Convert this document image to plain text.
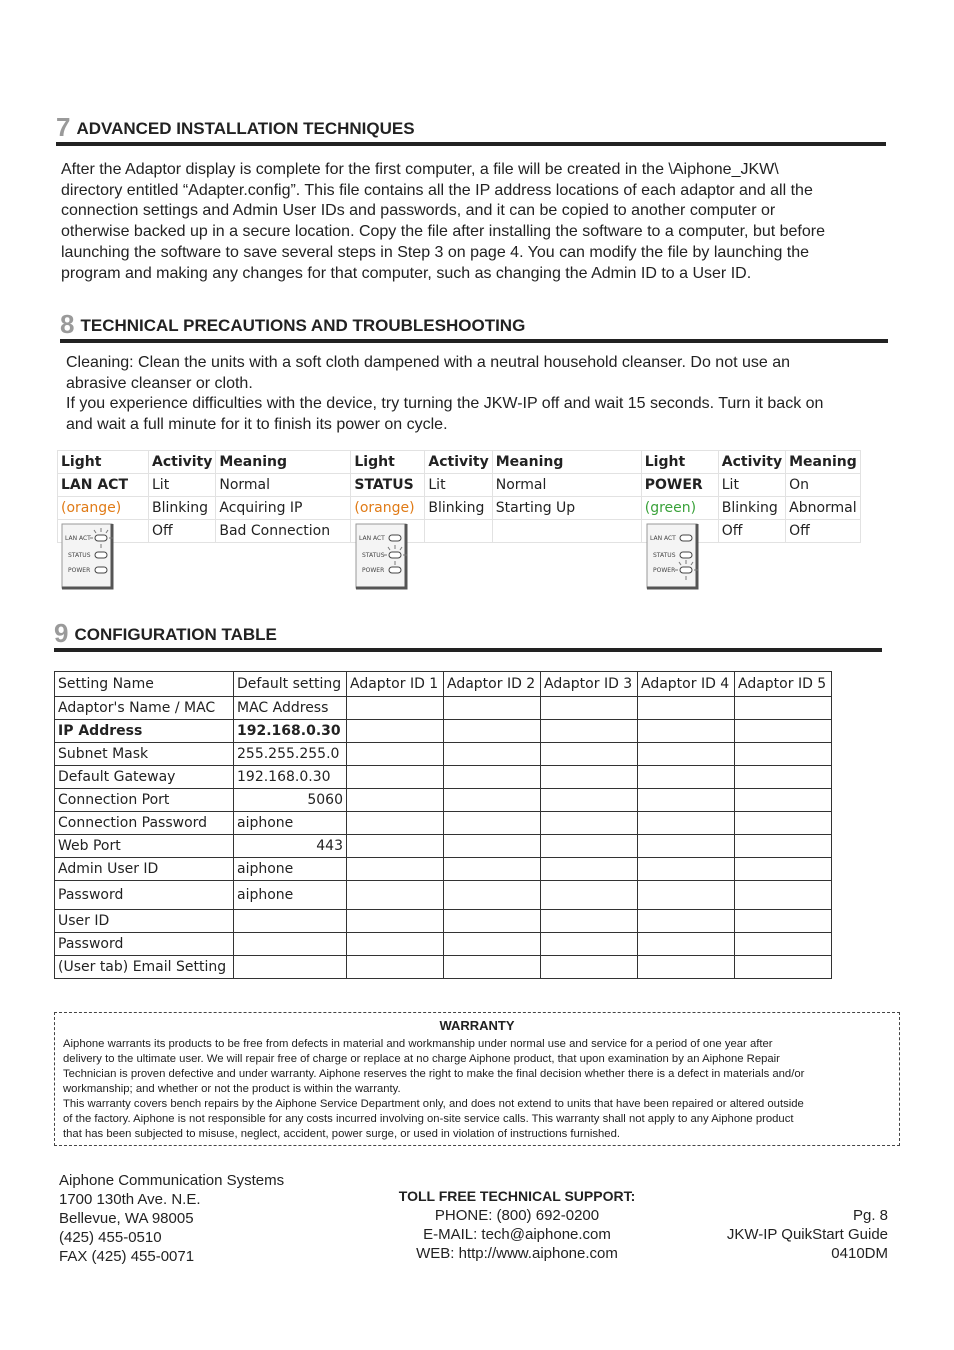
7 ADVANCED INSTALLATION TECHNIQUES
After the Adaptor display is complete for the first computer, a file will be created in the \Aiphone_JKW\
directory entitled “Adapter.config”. This file contains all the IP address locations of each adaptor and all the
connection settings and Admin User IDs and passwords, and it can be copied to another computer or
otherwise backed up in a secure location. Copy the file after installing the software to a computer, but before
launching the software to save several steps in Step 3 on page 4. You can modify the file by launching the
program and making any changes for that computer, such as changing the Admin ID to a User ID.
8 TECHNICAL PRECAUTIONS AND TROUBLESHOOTING
Cleaning: Clean the units with a soft cloth dampened with a neutral household cleanser. Do not use an
abrasive cleanser or cloth.
If you experience difficulties with the device, try turning the JKW-IP off and wait 15 seconds. Turn it back on
and wait a full minute for it to finish its power on cycle.
Light	Activity	Meaning	Light	Activity	Meaning	Light	Activity	Meaning
LAN ACT	Lit	Normal	STATUS	Lit	Normal	POWER	Lit	On
(orange)	Blinking	Acquiring IP	(orange)	Blinking	Starting Up	(green)	Blinking	Abnormal
	Off	Bad Connection					Off	Off
LAN ACT
STATUS
POWER
LAN ACT
STATUS
POWER
LAN ACT
STATUS
POWER
9 CONFIGURATION TABLE
Setting Name	Default setting	Adaptor ID 1	Adaptor ID 2	Adaptor ID 3	Adaptor ID 4	Adaptor ID 5
Adaptor's Name / MAC	MAC Address					
IP Address	192.168.0.30					
Subnet Mask	255.255.255.0					
Default Gateway	192.168.0.30					
Connection Port	5060					
Connection Password	aiphone					
Web Port	443					
Admin User ID	aiphone					
Password	aiphone					
User ID						
Password						
(User tab) Email Setting						
WARRANTY
Aiphone warrants its products to be free from defects in material and workmanship under normal use and service for a period of one year after
delivery to the ultimate user. We will repair free of charge or replace at no charge Aiphone product, that upon examination by an Aiphone Repair
Technician is proven defective and under warranty. Aiphone reserves the right to make the final decision whether there is a defect in materials and/or
workmanship; and whether or not the product is within the warranty.
This warranty covers bench repairs by the Aiphone Service Department only, and does not extend to units that have been repaired or altered outside
of the factory. Aiphone is not responsible for any costs incurred involving on-site service calls. This warranty shall not apply to any Aiphone product
that has been subjected to misuse, neglect, accident, power surge, or used in violation of instructions furnished.
Aiphone Communication Systems
1700 130th Ave. N.E.
Bellevue, WA 98005
(425) 455-0510
FAX (425) 455-0071
TOLL FREE TECHNICAL SUPPORT:
PHONE: (800) 692-0200
E-MAIL: tech@aiphone.com
WEB: http://www.aiphone.com
Pg. 8
JKW-IP QuikStart Guide
0410DM
